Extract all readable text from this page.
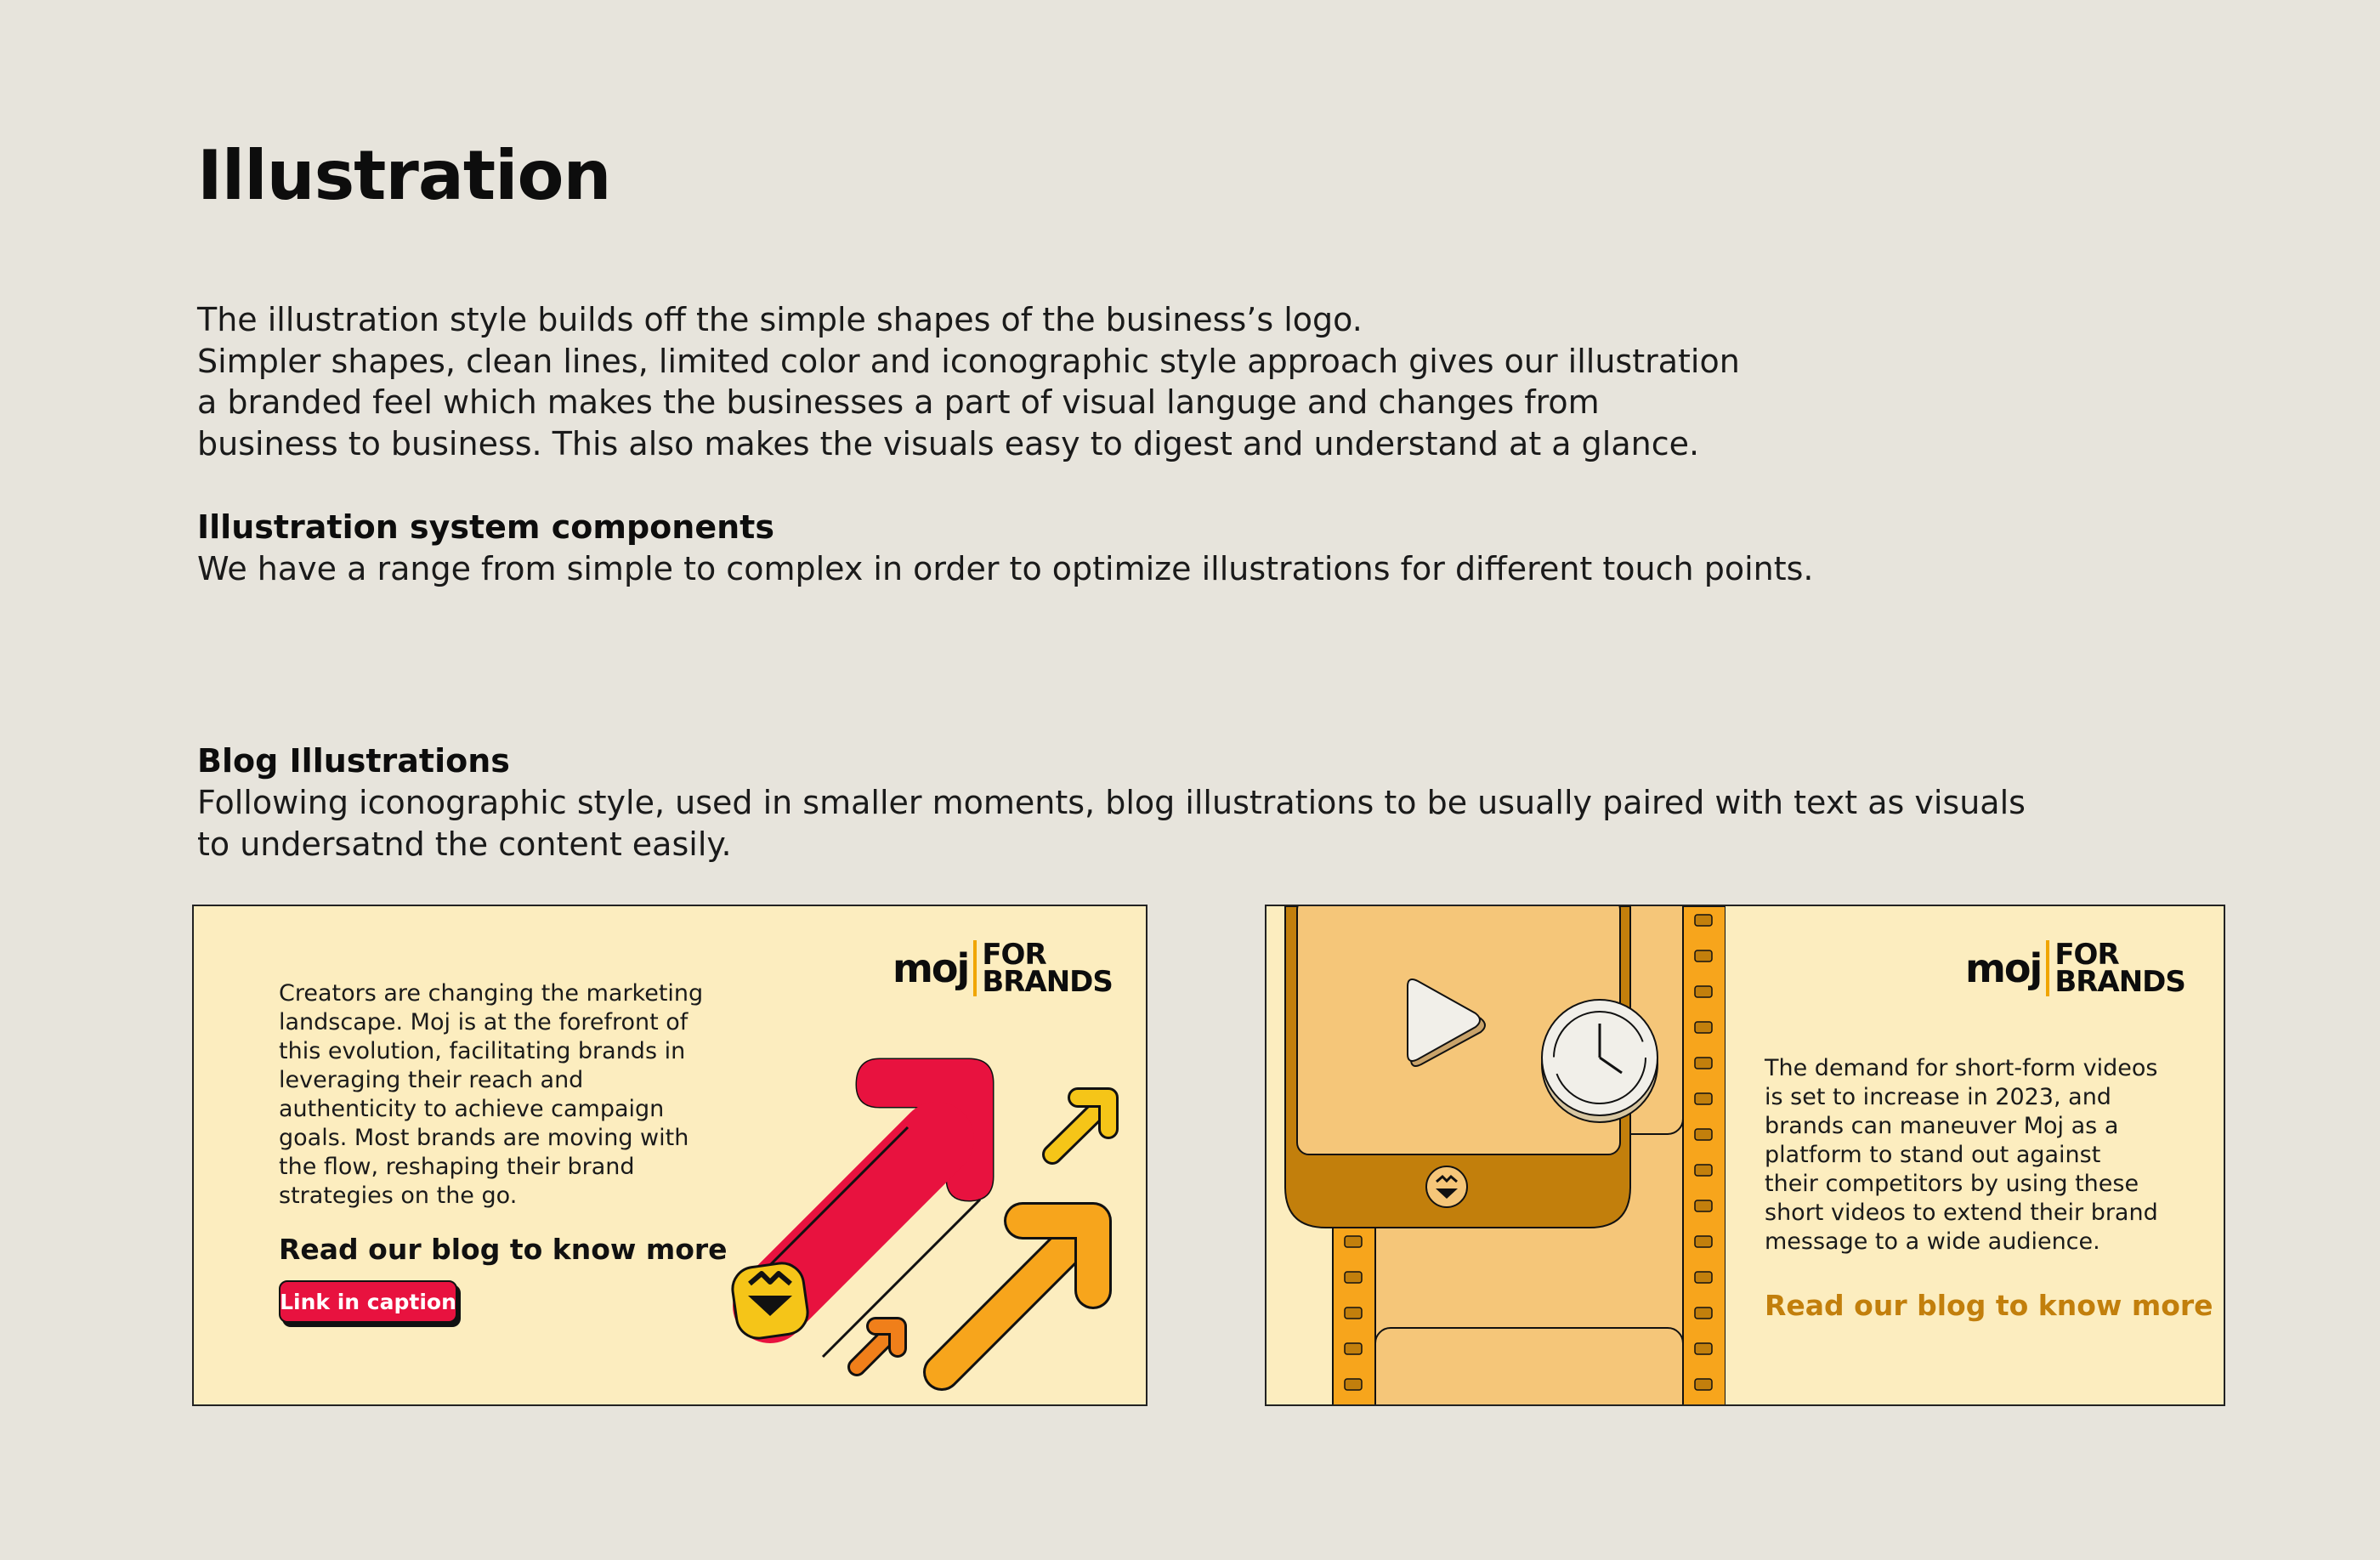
Illustration
The illustration style builds off the simple shapes of the business’s logo.
Simpler shapes, clean lines, limited color and iconographic style approach gives our illustration
a branded feel which makes the businesses a part of visual languge and changes from
business to business. This also makes the visuals easy to digest and understand at a glance.
Illustration system components
We have a range from simple to complex in order to optimize illustrations for different touch points.
Blog Illustrations
Following iconographic style, used in smaller moments, blog illustrations to be usually paired with text as visuals
to undersatnd the content easily.
moj FOR
BRANDS
Creators are changing the marketing
landscape. Moj is at the forefront of
this evolution, facilitating brands in
leveraging their reach and
authenticity to achieve campaign
goals. Most brands are moving with
the flow, reshaping their brand
strategies on the go.
Read our blog to know more
Link in caption
moj FOR
BRANDS
The demand for short-form videos
is set to increase in 2023, and
brands can maneuver Moj as a
platform to stand out against
their competitors by using these
short videos to extend their brand
message to a wide audience.
Read our blog to know more
